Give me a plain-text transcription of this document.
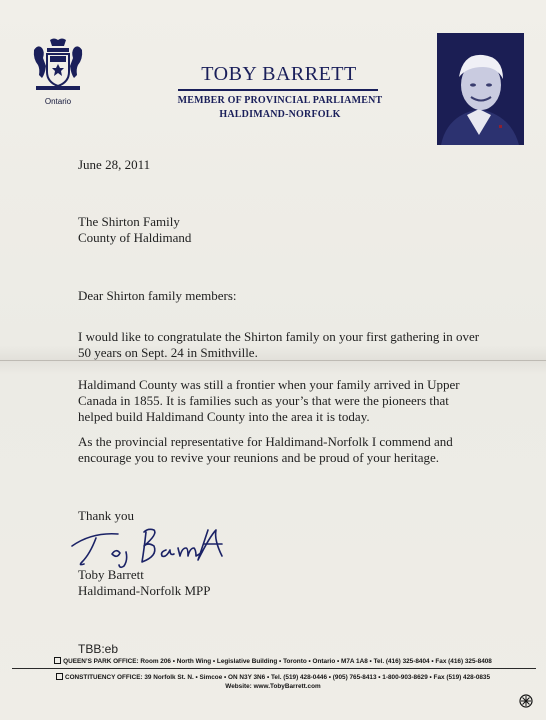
Ontario
TOBY BARRETT
MEMBER OF PROVINCIAL PARLIAMENT
HALDIMAND-NORFOLK
June 28, 2011
The Shirton Family
County of Haldimand
Dear Shirton family members:
I would like to congratulate the Shirton family on your first gathering in over
50 years on Sept. 24 in Smithville.
Haldimand County was still a frontier when your family arrived in Upper
Canada in 1855. It is families such as your’s that were the pioneers that
helped build Haldimand County into the area it is today.
As the provincial representative for Haldimand-Norfolk I commend and
encourage you to revive your reunions and be proud of your heritage.
Thank you
Toby Barrett
Haldimand-Norfolk MPP
TBB:eb
QUEEN’S PARK OFFICE: Room 206 • North Wing • Legislative Building • Toronto • Ontario • M7A 1A8 • Tel. (416) 325-8404 • Fax (416) 325-8408
CONSTITUENCY OFFICE: 39 Norfolk St. N. • Simcoe • ON N3Y 3N6 • Tel. (519) 428-0446 • (905) 765-8413 • 1-800-903-8629 • Fax (519) 428-0835
Website: www.TobyBarrett.com
